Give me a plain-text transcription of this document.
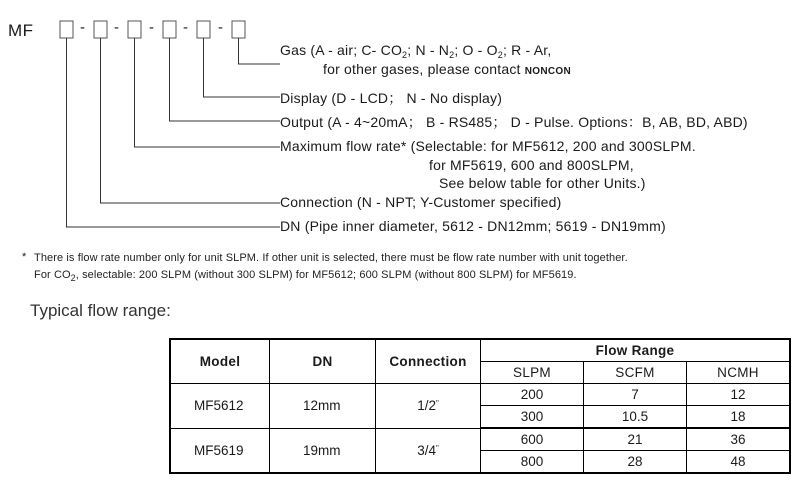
MF	- - - - -
Gas (A - air; C- $CO_2$; N - $N_2$; O - $O_2$; R - Ar,
for other gases, please contact NONCON
Display (D - LCD； N - No display)
Output (A - 4~20mA； B - RS485； D - Pulse. Options：B, AB, BD, ABD)
Maximum flow rate* (Selectable: for MF5612, 200 and 300SLPM.
for MF5619, 600 and 800SLPM,
See below table for other Units.)
Connection (N - NPT; Y-Customer specified)
DN (Pipe inner diameter, 5612 - DN12mm; 5619 - DN19mm)
* There is flow rate number only for unit SLPM. If other unit is selected, there must be flow rate number with unit together.
For $CO_2$, selectable: 200 SLPM (without 300 SLPM) for MF5612; 600 SLPM (without 800 SLPM) for MF5619.
Typical flow range:
Model	DN	Connection	Flow Range		
			SLPM	SCFM	NCMH
MF5612	12mm	1/2"	200	7	12
			300	10.5	18
MF5619	19mm	3/4"	600	21	36
			800	28	48
